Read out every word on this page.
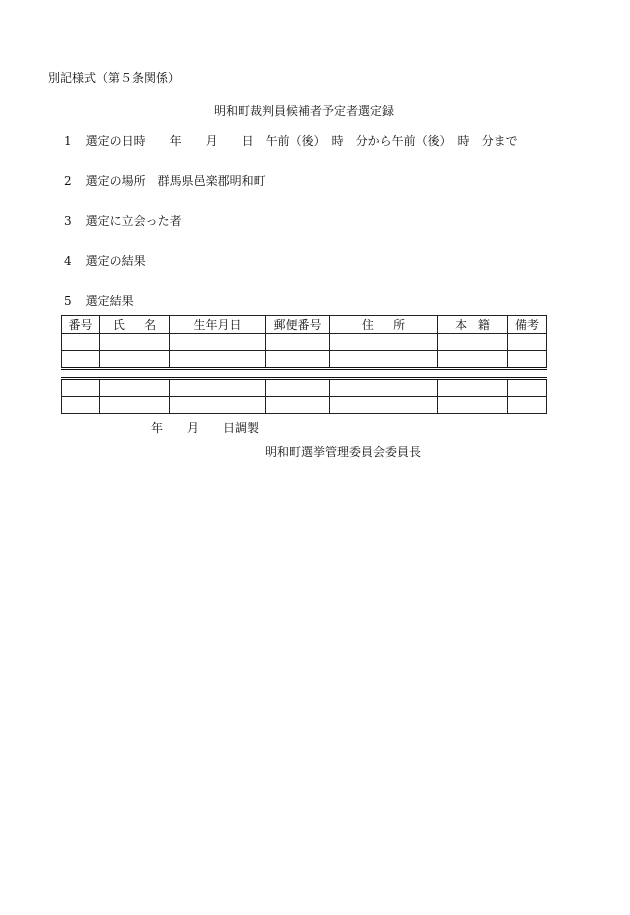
別記様式（第５条関係）
明和町裁判員候補者予定者選定録
1 選定の日時 年　　月　　日　午前（後）　時　分から午前（後）　時　分まで
2 選定の場所 群馬県邑楽郡明和町
3 選定に立会った者
4 選定の結果
5 選定結果
番号	氏名	生年月日	郵便番号	住所	本籍	備考

年　　月　　日調製
明和町選挙管理委員会委員長
